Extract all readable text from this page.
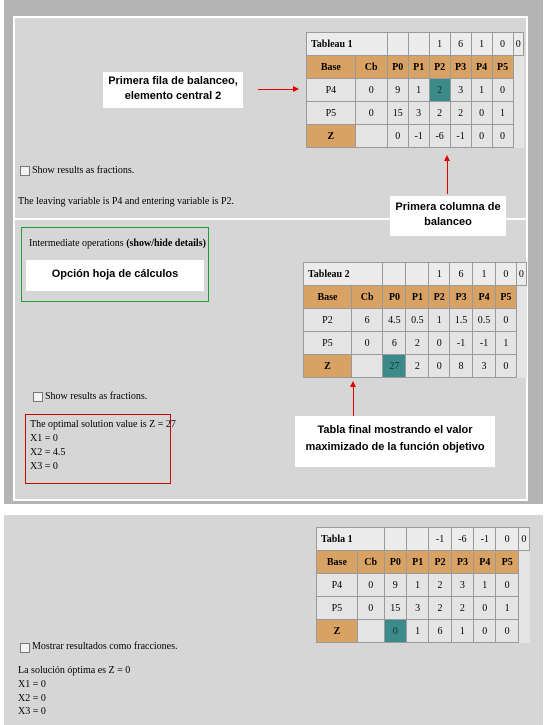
Tableau 1				1	6	1	0	0
Base	Cb	P0	P1	P2	P3	P4	P5	
P4	0	9	1	2	3	1	0	
P5	0	15	3	2	2	0	1	
Z		0	-1	-6	-1	0	0	
Tableau 2				1	6	1	0	0
Base	Cb	P0	P1	P2	P3	P4	P5	
P2	6	4.5	0.5	1	1.5	0.5	0	
P5	0	6	2	0	-1	-1	1	
Z		27	2	0	8	3	0	
Tabla 1				-1	-6	-1	0	0
Base	Cb	P0	P1	P2	P3	P4	P5	
P4	0	9	1	2	3	1	0	
P5	0	15	3	2	2	0	1	
Z		0	1	6	1	0	0	
Primera fila de balanceo, elemento central 2
Primera columna de balanceo
Intermediate operations (show/hide details)
Opción hoja de cálculos
Tabla final mostrando el valor maximizado de la función objetivo
Show results as fractions.
The leaving variable is P4 and entering variable is P2.
Show results as fractions.
The optimal solution value is Z = 27
X1 = 0
X2 = 4.5
X3 = 0
Mostrar resultados como fracciones.
La solución óptima es Z = 0
X1 = 0
X2 = 0
X3 = 0
